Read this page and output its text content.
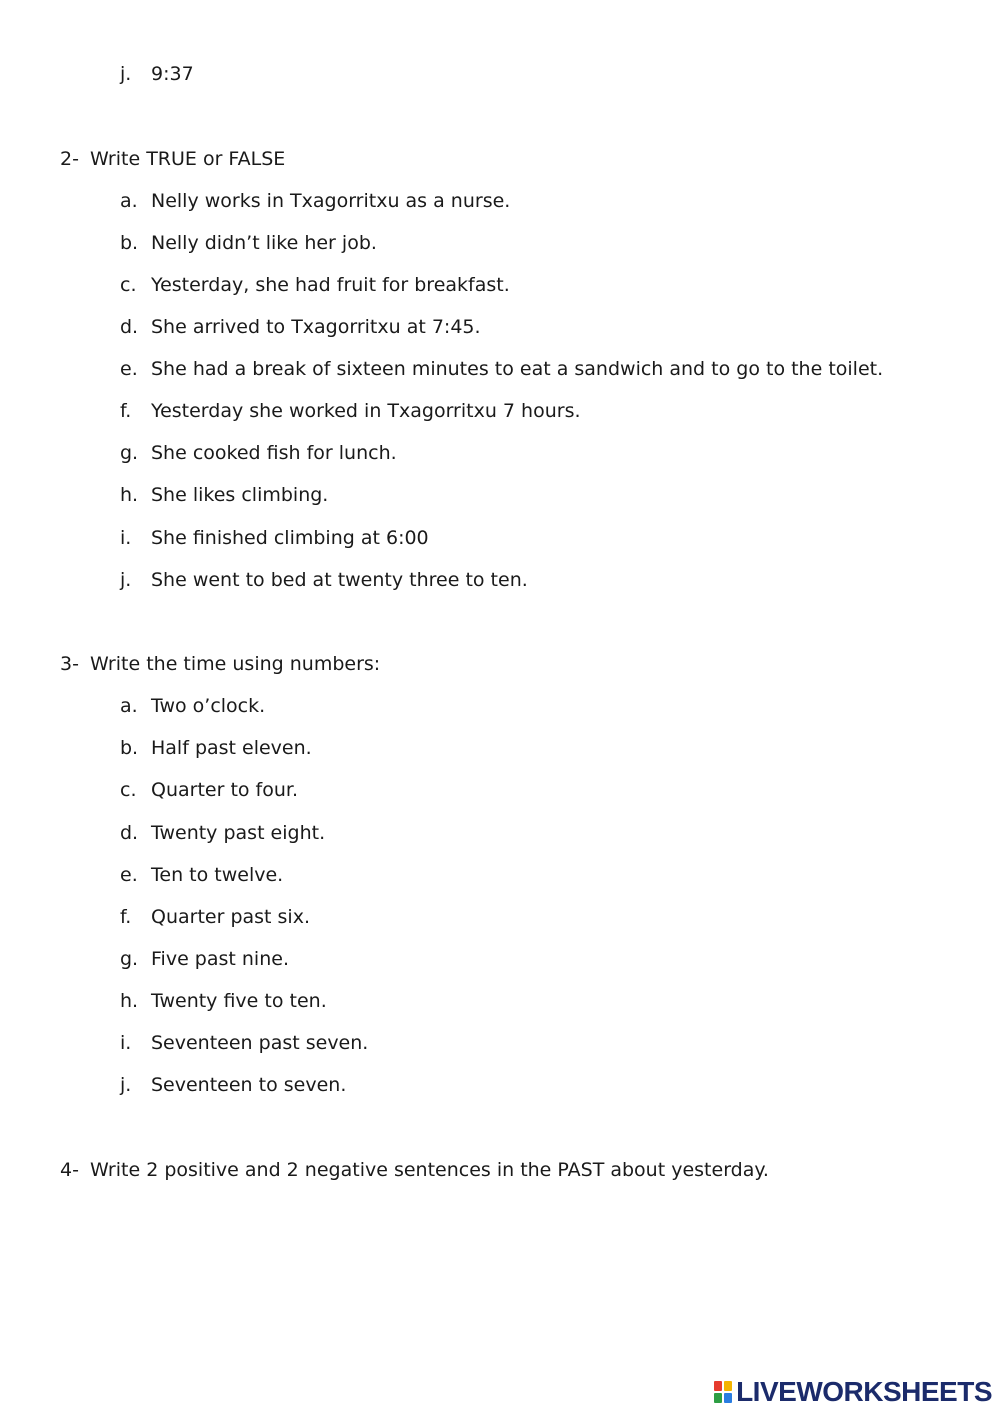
j. 9:37
2- Write TRUE or FALSE
a. Nelly works in Txagorritxu as a nurse.
b. Nelly didn’t like her job.
c. Yesterday, she had fruit for breakfast.
d. She arrived to Txagorritxu at 7:45.
e. She had a break of sixteen minutes to eat a sandwich and to go to the toilet.
f. Yesterday she worked in Txagorritxu 7 hours.
g. She cooked fish for lunch.
h. She likes climbing.
i. She finished climbing at 6:00
j. She went to bed at twenty three to ten.
3- Write the time using numbers:
a. Two o’clock.
b. Half past eleven.
c. Quarter to four.
d. Twenty past eight.
e. Ten to twelve.
f. Quarter past six.
g. Five past nine.
h. Twenty five to ten.
i. Seventeen past seven.
j. Seventeen to seven.
4- Write 2 positive and 2 negative sentences in the PAST about yesterday.
LIVEWORKSHEETS
